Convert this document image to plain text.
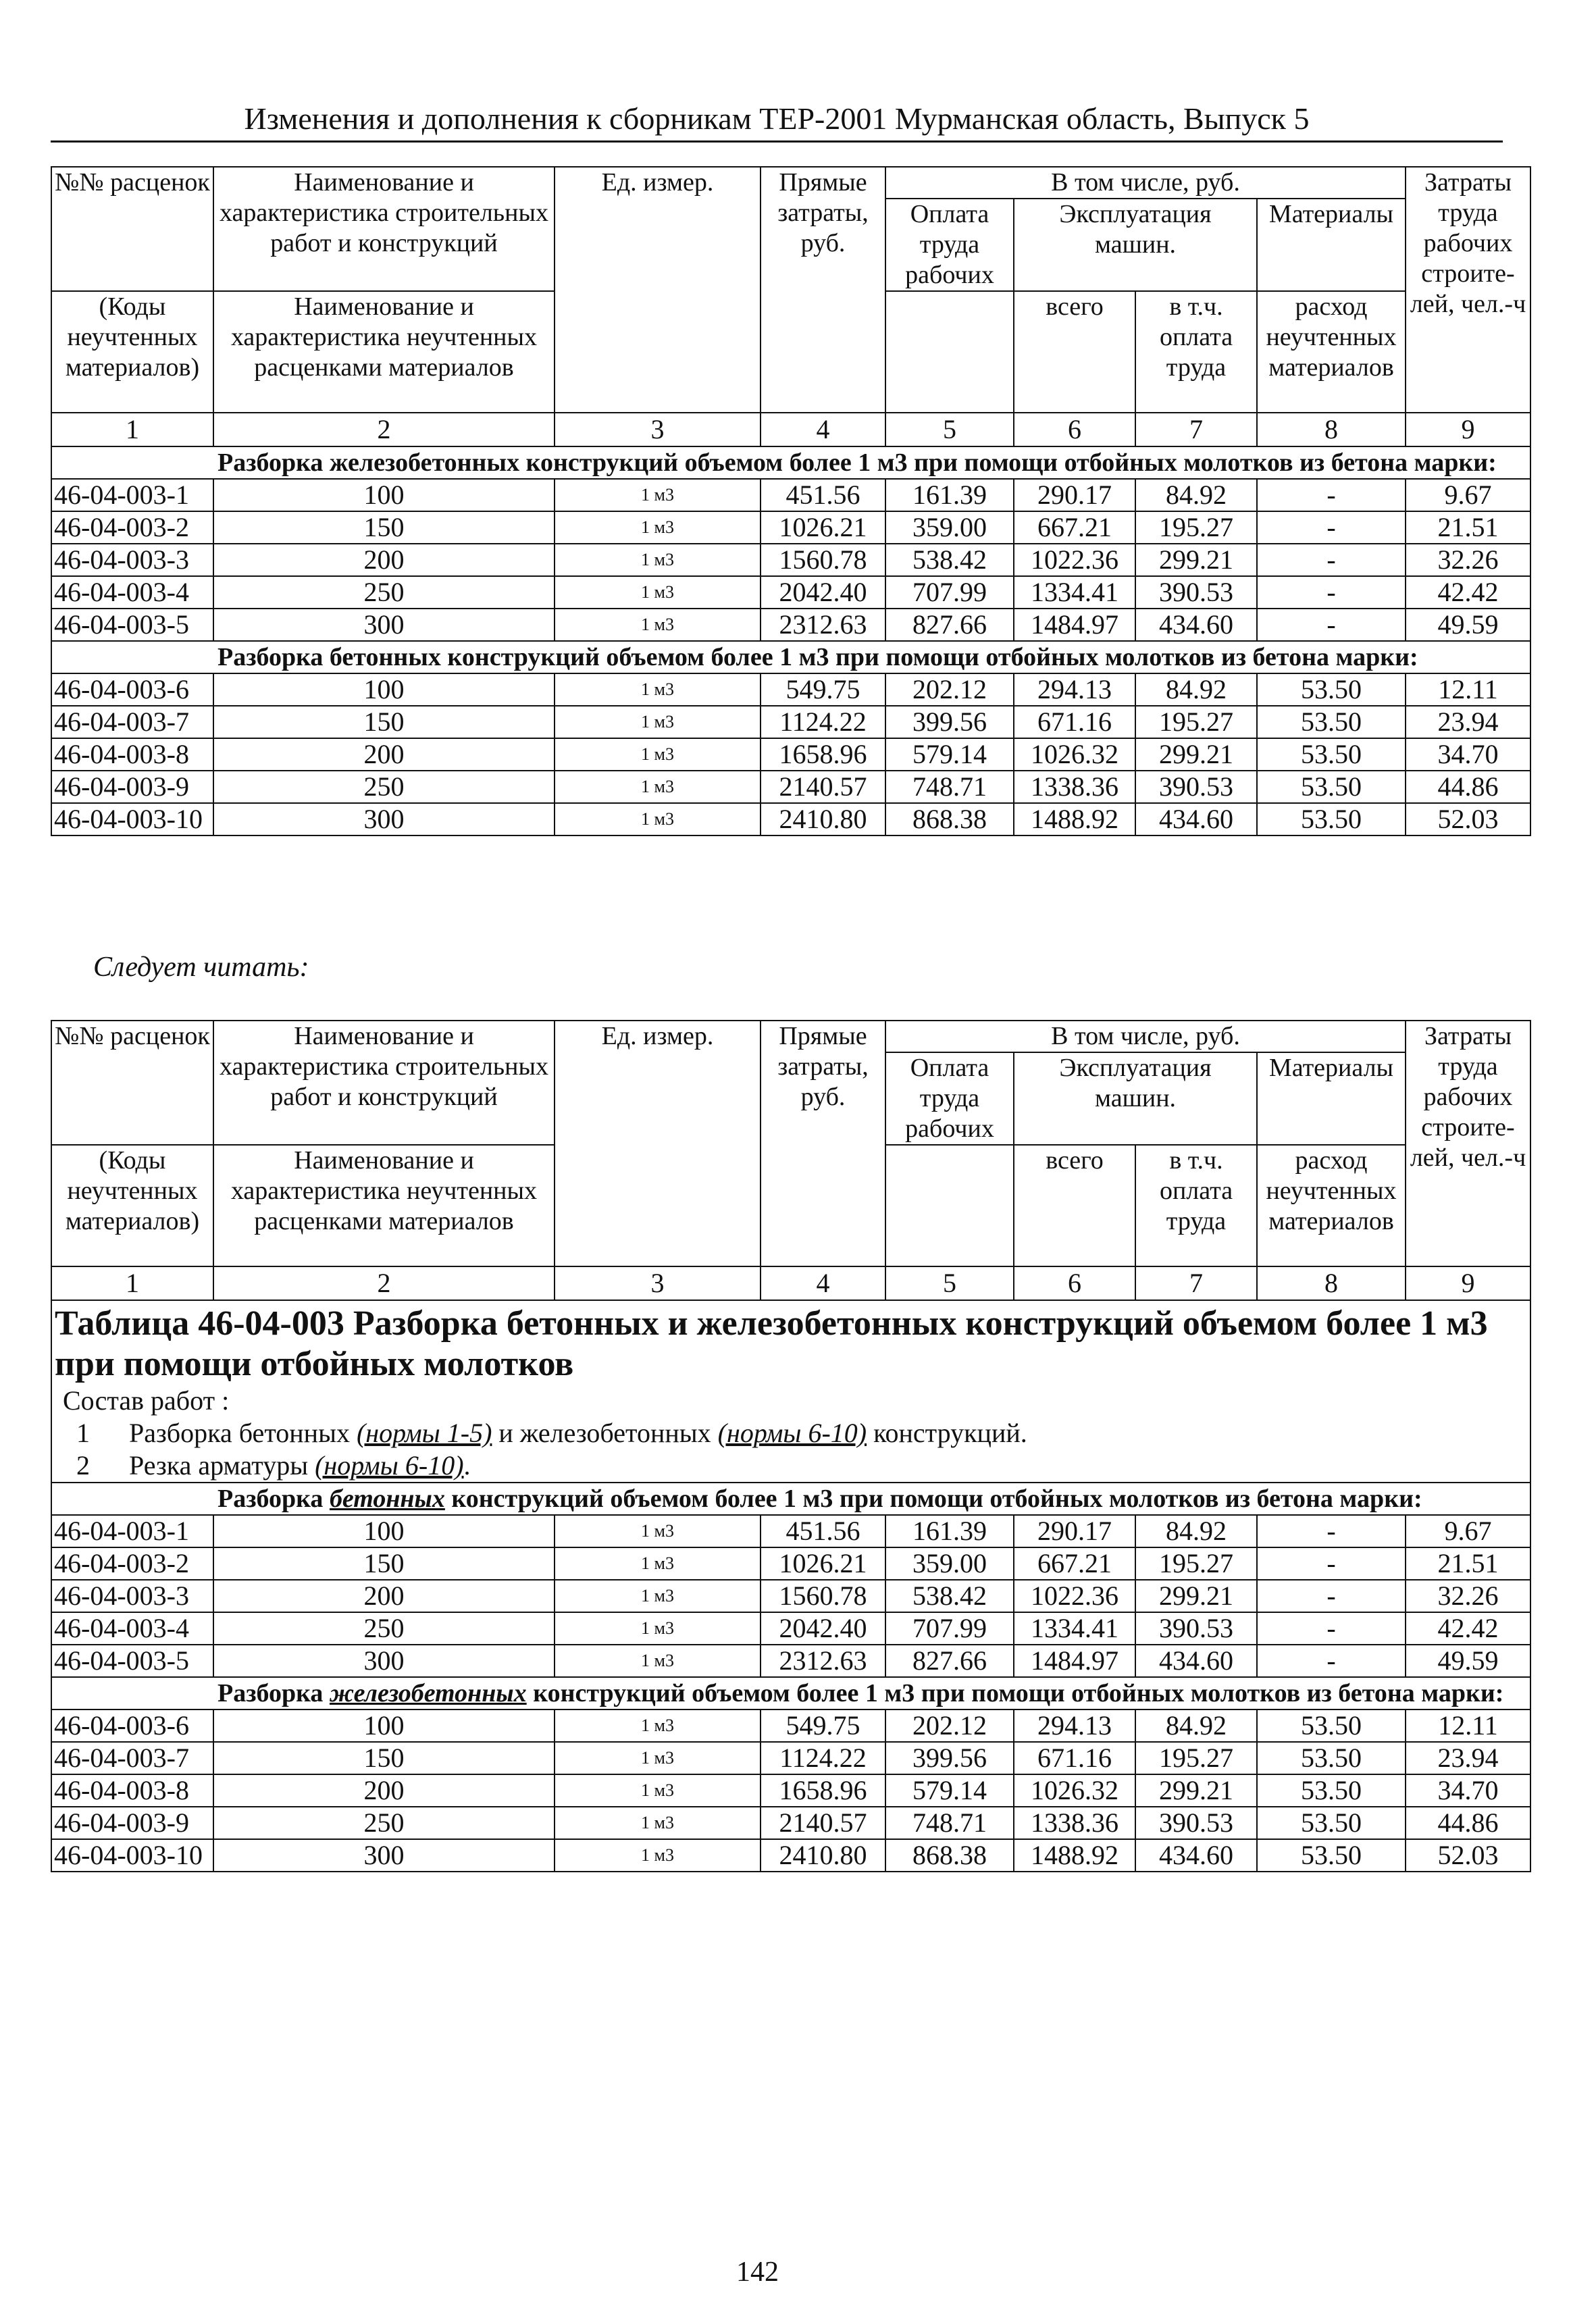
Изменения и дополнения к сборникам ТЕР-2001 Мурманская область, Выпуск 5
№№ расценок	Наименование и характеристика строительных работ и конструкций	Ед. измер.	Прямые затраты, руб.	В том числе, руб.				Затраты труда рабочих строите-лей, чел.-ч
				Оплата труда рабочих	Эксплуатация машин.		Материалы	
(Коды неучтенных материалов)	Наименование и характеристика неучтенных расценками материалов				всего	в т.ч. оплата труда	расход неучтенных материалов	
1	2	3	4	5	6	7	8	9
Разборка железобетонных конструкций объемом более 1 м3 при помощи отбойных молотков из бетона марки:								
46-04-003-1	100	1 м3	451.56	161.39	290.17	84.92	-	9.67
46-04-003-2	150	1 м3	1026.21	359.00	667.21	195.27	-	21.51
46-04-003-3	200	1 м3	1560.78	538.42	1022.36	299.21	-	32.26
46-04-003-4	250	1 м3	2042.40	707.99	1334.41	390.53	-	42.42
46-04-003-5	300	1 м3	2312.63	827.66	1484.97	434.60	-	49.59
Разборка бетонных конструкций объемом более 1 м3 при помощи отбойных молотков из бетона марки:								
46-04-003-6	100	1 м3	549.75	202.12	294.13	84.92	53.50	12.11
46-04-003-7	150	1 м3	1124.22	399.56	671.16	195.27	53.50	23.94
46-04-003-8	200	1 м3	1658.96	579.14	1026.32	299.21	53.50	34.70
46-04-003-9	250	1 м3	2140.57	748.71	1338.36	390.53	53.50	44.86
46-04-003-10	300	1 м3	2410.80	868.38	1488.92	434.60	53.50	52.03
Следует читать:
№№ расценок	Наименование и характеристика строительных работ и конструкций	Ед. измер.	Прямые затраты, руб.	В том числе, руб.				Затраты труда рабочих строите-лей, чел.-ч
				Оплата труда рабочих	Эксплуатация машин.		Материалы	
(Коды неучтенных материалов)	Наименование и характеристика неучтенных расценками материалов				всего	в т.ч. оплата труда	расход неучтенных материалов	
1	2	3	4	5	6	7	8	9

Таблица 46-04-003 Разборка бетонных и железобетонных конструкций объемом более 1 м3 при помощи отбойных молотков
Состав работ :
1 Разборка бетонных (нормы 1-5) и железобетонных (нормы 6-10) конструкций.
2 Резка арматуры (нормы 6-10).								

Разборка бетонных конструкций объемом более 1 м3 при помощи отбойных молотков из бетона марки:								
46-04-003-1	100	1 м3	451.56	161.39	290.17	84.92	-	9.67
46-04-003-2	150	1 м3	1026.21	359.00	667.21	195.27	-	21.51
46-04-003-3	200	1 м3	1560.78	538.42	1022.36	299.21	-	32.26
46-04-003-4	250	1 м3	2042.40	707.99	1334.41	390.53	-	42.42
46-04-003-5	300	1 м3	2312.63	827.66	1484.97	434.60	-	49.59
Разборка железобетонных конструкций объемом более 1 м3 при помощи отбойных молотков из бетона марки:								
46-04-003-6	100	1 м3	549.75	202.12	294.13	84.92	53.50	12.11
46-04-003-7	150	1 м3	1124.22	399.56	671.16	195.27	53.50	23.94
46-04-003-8	200	1 м3	1658.96	579.14	1026.32	299.21	53.50	34.70
46-04-003-9	250	1 м3	2140.57	748.71	1338.36	390.53	53.50	44.86
46-04-003-10	300	1 м3	2410.80	868.38	1488.92	434.60	53.50	52.03
142
